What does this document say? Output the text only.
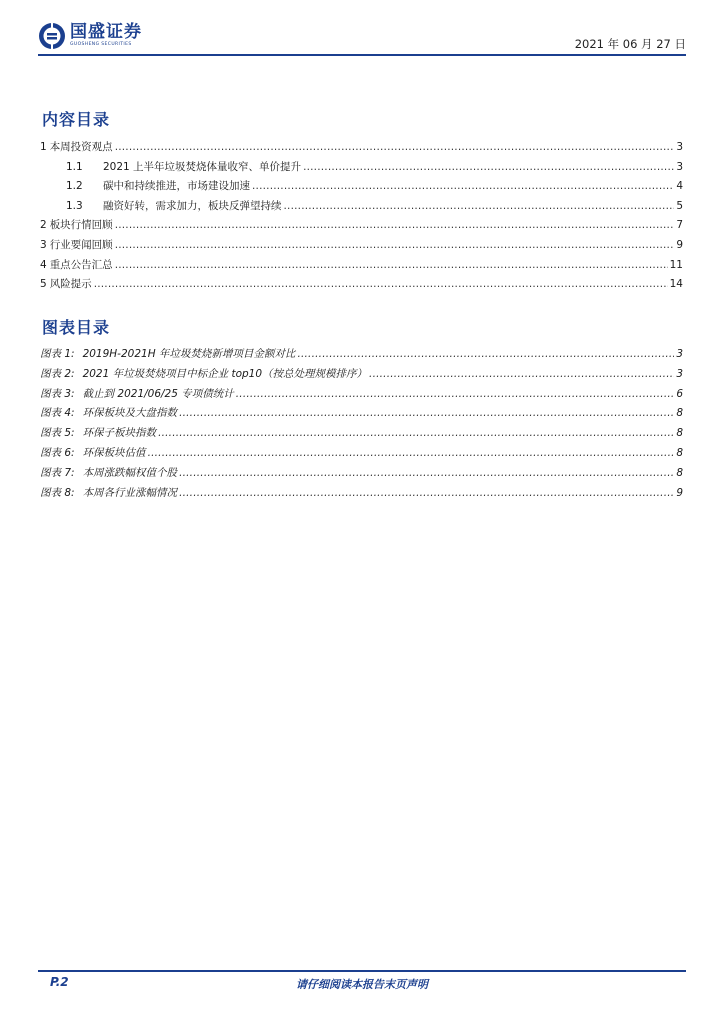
国盛证券
GUOSHENG SECURITIES	2021 年 06 月 27 日
内容目录
1 本周投资观点 .....	3
1.1	2021 上半年垃圾焚烧体量收窄、单价提升 .....	3
1.2	碳中和持续推进，市场建设加速 .....	4
1.3	融资好转，需求加力，板块反弹望持续 .....	5
2 板块行情回顾 .....	7
3 行业要闻回顾 .....	9
4 重点公告汇总 .....	11
5 风险提示 .....	14
图表目录
图表 1: 2019H-2021H 年垃圾焚烧新增项目金额对比 .....	3
图表 2: 2021 年垃圾焚烧项目中标企业 top10（按总处理规模排序） .....	3
图表 3: 截止到 2021/06/25 专项债统计 .....	6
图表 4: 环保板块及大盘指数 .....	8
图表 5: 环保子板块指数 .....	8
图表 6: 环保板块估值 .....	8
图表 7: 本周涨跌幅权值个股 .....	8
图表 8: 本周各行业涨幅情况 .....	9
P.2	请仔细阅读本报告末页声明
